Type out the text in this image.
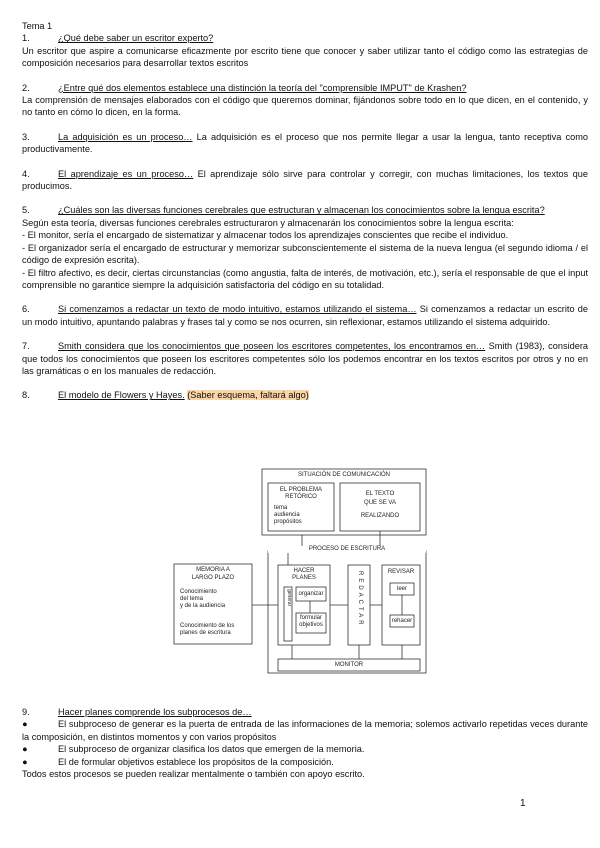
Tema 1

1.	¿Qué debe saber un escritor experto?

Un escritor que aspire a comunicarse eficazmente por escrito tiene que conocer y saber utilizar tanto el código como las estrategias de composición necesarios para desarrollar textos escritos

2.	¿Entre qué dos elementos establece una distinción la teoría del "comprensible IMPUT" de Krashen?

La comprensión de mensajes elaborados con el código que queremos dominar, fijándonos sobre todo en lo que dicen, en el contenido, y no tanto en cómo lo dicen, en la forma.

3.	La adquisición es un proceso… La adquisición es el proceso que nos permite llegar a usar la lengua, tanto receptiva como productivamente.

4.	El aprendizaje es un proceso… El aprendizaje sólo sirve para controlar y corregir, con muchas limitaciones, los textos que producimos.

5.	¿Cuáles son las diversas funciones cerebrales que estructuran y almacenan los conocimientos sobre la lengua escrita?

Según esta teoría, diversas funciones cerebrales estructuraron y almacenarán los conocimientos sobre la lengua escrita:

- El monitor, sería el encargado de sistematizar y almacenar todos los aprendizajes conscientes que recibe el individuo.

- El organizador sería el encargado de estructurar y memorizar subconscientemente el sistema de la nueva lengua (el segundo idioma / el código de expresión escrita).

- El filtro afectivo, es decir, ciertas circunstancias (como angustia, falta de interés, de motivación, etc.), sería el responsable de que el input comprensible no garantice siempre la adquisición satisfactoria del código en su totalidad.

6.	Si comenzamos a redactar un texto de modo intuitivo, estamos utilizando el sistema… Si comenzamos a redactar un escrito de un modo intuitivo, apuntando palabras y frases tal y como se nos ocurren, sin reflexionar, estamos utilizando el sistema adquirido.

7.	Smith considera que los conocimientos que poseen los escritores competentes, los encontramos en… Smith (1983), considera que todos los conocimientos que poseen los escritores competentes sólo los podemos encontrar en los textos escritos por otros y no en las gramáticas o en los manuales de redacción.

8.	El modelo de Flowers y Hayes. (Saber esquema, faltará algo)

SITUACIÓN DE COMUNICACIÓN
EL PROBLEMA
RETÓRICO
tema
audiencia
propósitos
EL TEXTO
QUE SE VA
REALIZANDO
PROCESO DE ESCRITURA
MEMORIA A
LARGO PLAZO
Conocimiento
del tema
y de la audiencia
Conocimiento de los
planes de escritura
HACER
PLANES
organizar
formular
objetivos
generar	REDACTAR	REVISAR
leer
rehacer
MONITOR

9.	Hacer planes comprende los subprocesos de…

●	El subproceso de generar es la puerta de entrada de las informaciones de la memoria; solemos activarlo repetidas veces durante la composición, en distintos momentos y con varios propósitos

●	El subproceso de organizar clasifica los datos que emergen de la memoria.

●	El de formular objetivos establece los propósitos de la composición.

Todos estos procesos se pueden realizar mentalmente o también con apoyo escrito.

1
